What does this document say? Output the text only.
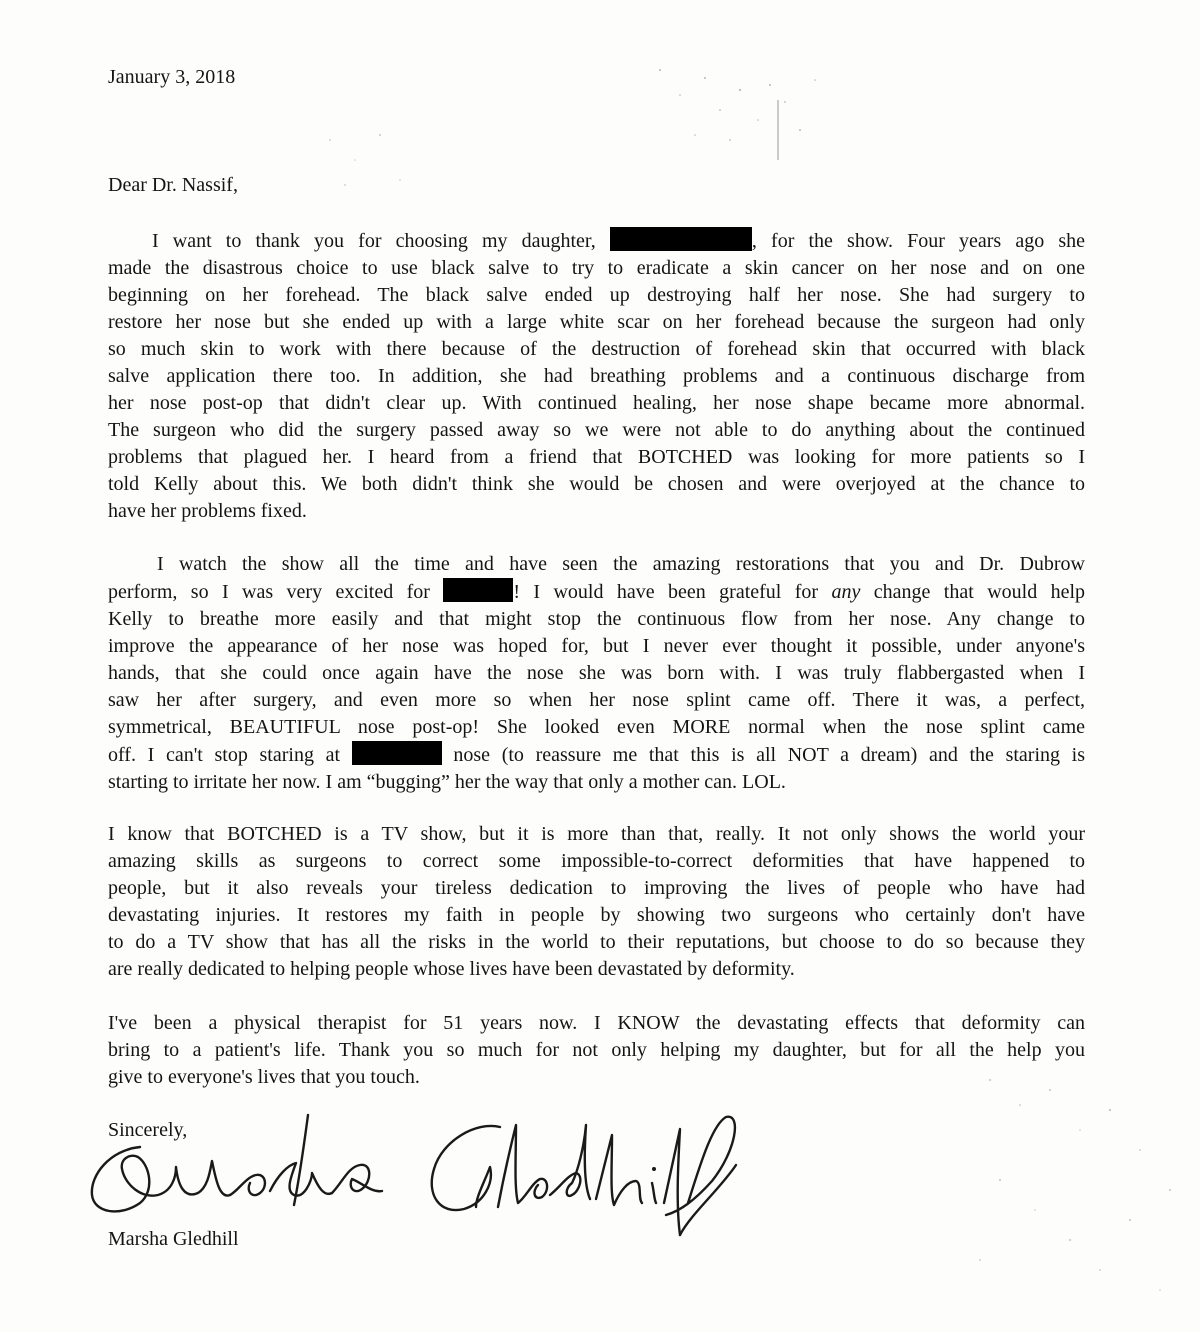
January 3, 2018
Dear Dr. Nassif,
I want to thank you for choosing my daughter,	, for the show. Four years ago she
made the disastrous choice to use black salve to try to eradicate a skin cancer on her nose and on one
beginning on her forehead. The black salve ended up destroying half her nose. She had surgery to
restore her nose but she ended up with a large white scar on her forehead because the surgeon had only
so much skin to work with there because of the destruction of forehead skin that occurred with black
salve application there too. In addition, she had breathing problems and a continuous discharge from
her nose post-op that didn't clear up. With continued healing, her nose shape became more abnormal.
The surgeon who did the surgery passed away so we were not able to do anything about the continued
problems that plagued her. I heard from a friend that BOTCHED was looking for more patients so I
told Kelly about this. We both didn't think she would be chosen and were overjoyed at the chance to
have her problems fixed.
I watch the show all the time and have seen the amazing restorations that you and Dr. Dubrow
perform, so I was very excited for	! I would have been grateful for any change that would help
Kelly to breathe more easily and that might stop the continuous flow from her nose. Any change to
improve the appearance of her nose was hoped for, but I never ever thought it possible, under anyone's
hands, that she could once again have the nose she was born with. I was truly flabbergasted when I
saw her after surgery, and even more so when her nose splint came off. There it was, a perfect,
symmetrical, BEAUTIFUL nose post-op! She looked even MORE normal when the nose splint came
off. I can't stop staring at	nose (to reassure me that this is all NOT a dream) and the staring is
starting to irritate her now. I am “bugging” her the way that only a mother can. LOL.
I know that BOTCHED is a TV show, but it is more than that, really. It not only shows the world your
amazing skills as surgeons to correct some impossible-to-correct deformities that have happened to
people, but it also reveals your tireless dedication to improving the lives of people who have had
devastating injuries. It restores my faith in people by showing two surgeons who certainly don't have
to do a TV show that has all the risks in the world to their reputations, but choose to do so because they
are really dedicated to helping people whose lives have been devastated by deformity.
I've been a physical therapist for 51 years now. I KNOW the devastating effects that deformity can
bring to a patient's life. Thank you so much for not only helping my daughter, but for all the help you
give to everyone's lives that you touch.
Sincerely,
Marsha Gledhill
